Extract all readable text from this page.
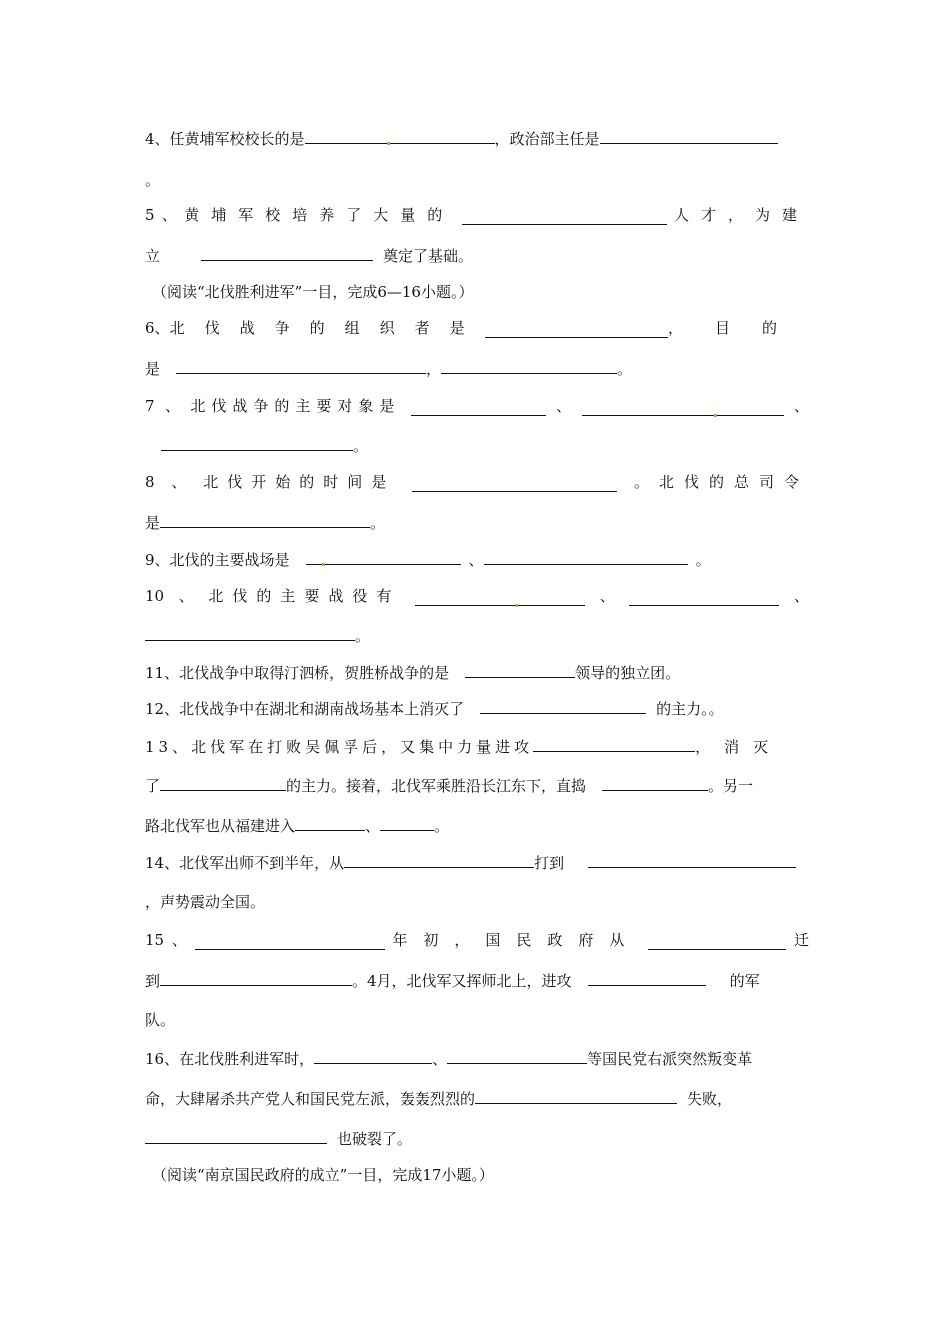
4、任黄埔军校校长的是	，政治部主任是
。
5 、 黄埔军校培养了大量的	人才，为建
立	奠定了基础。
（阅读“北伐胜利进军”一目，完成6—16小题。）
6 、 北伐战争的组织者是	，目的
是	，	。
7 、 北伐战争的主要对象是	、	、
。
8 、 北伐开始的时间是	。北伐的总司令
是	。
9、北伐的主要战场是	、	。
10 、 北伐的主要战役有	、	、
。
11、北伐战争中取得汀泗桥，贺胜桥战争的是	领导的独立团。
12、北伐战争中在湖北和湖南战场基本上消灭了	的主力。。
13、北伐军在打败吴佩孚后，又集中力量进攻	，消灭
了	的主力。接着，北伐军乘胜沿长江东下，直捣	。另一
路北伐军也从福建进入	、	。
14、北伐军出师不到半年，从	打到
，声势震动全国。
15 、	年初，国民政府从	迁
到	。4月，北伐军又挥师北上，进攻	的军
队。
16、在北伐胜利进军时，	、	等国民党右派突然叛变革
命，大肆屠杀共产党人和国民党左派，轰轰烈烈的	失败，
也破裂了。
（阅读“南京国民政府的成立”一目，完成17小题。）
